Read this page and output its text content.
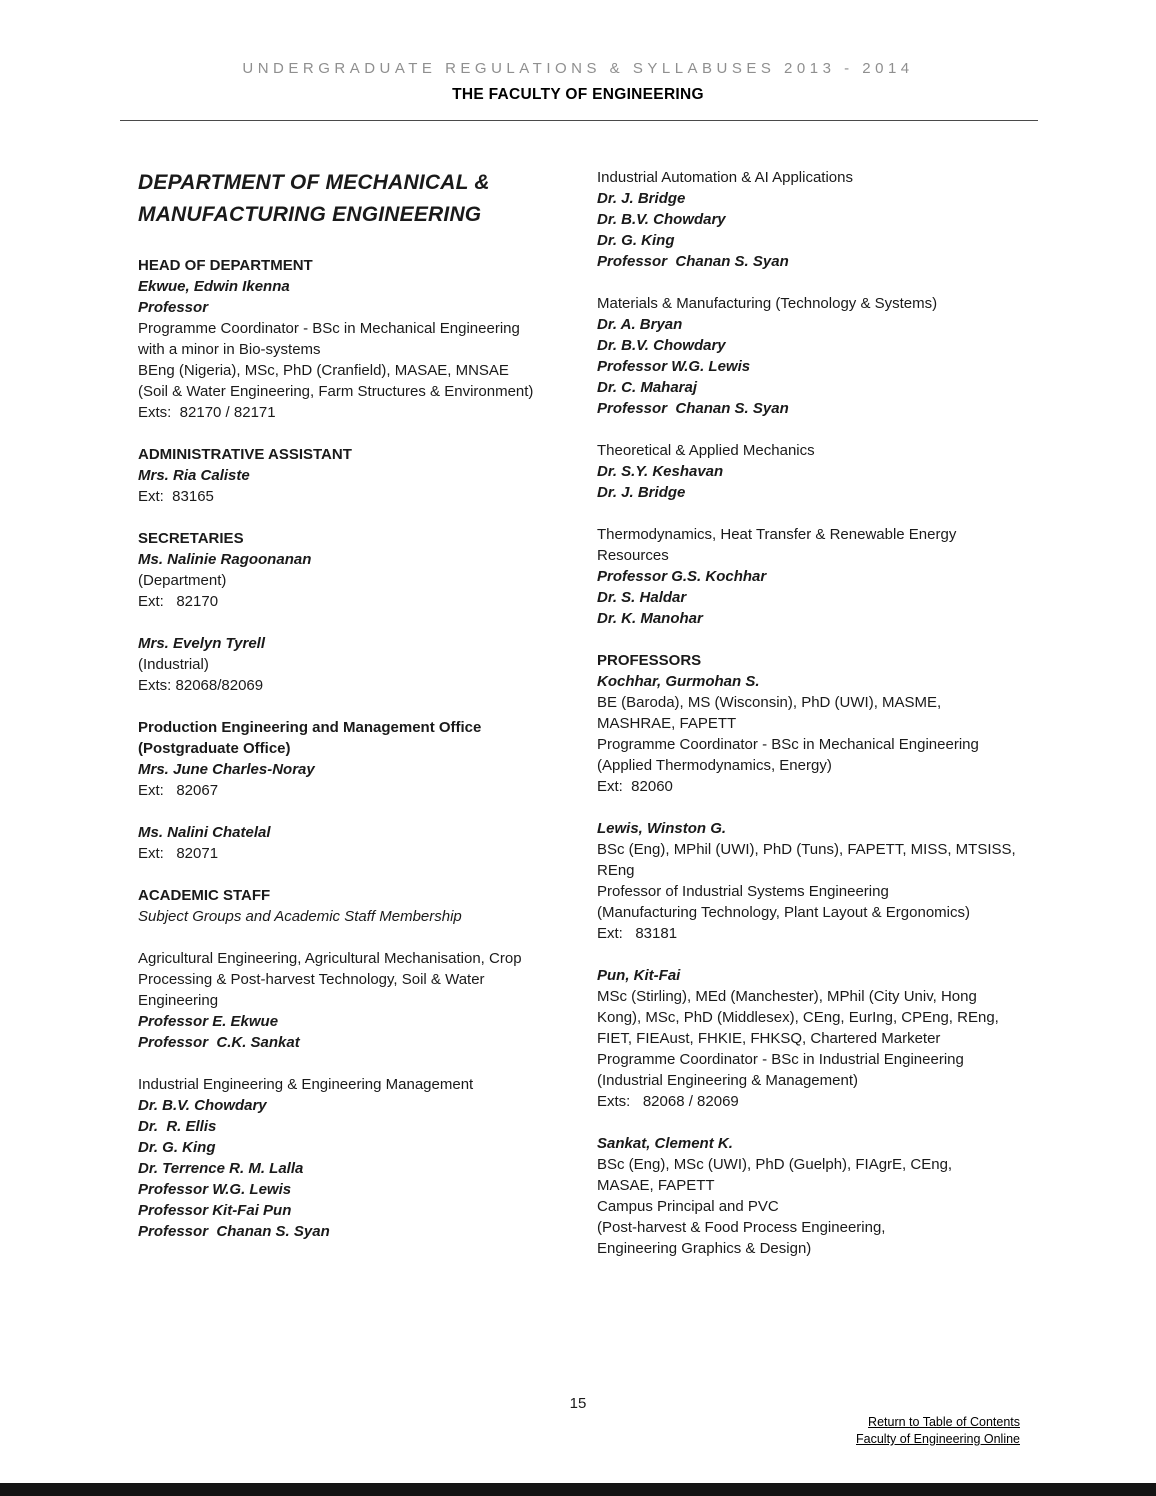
UNDERGRADUATE REGULATIONS & SYLLABUSES 2013 - 2014
THE FACULTY OF ENGINEERING

DEPARTMENT OF MECHANICAL &

MANUFACTURING ENGINEERING

HEAD OF DEPARTMENT

Ekwue, Edwin Ikenna

Professor

Programme Coordinator - BSc in Mechanical Engineering

with a minor in Bio-systems

BEng (Nigeria), MSc, PhD (Cranfield), MASAE, MNSAE

(Soil & Water Engineering, Farm Structures & Environment)

Exts:  82170 / 82171

ADMINISTRATIVE ASSISTANT

Mrs. Ria Caliste

Ext:  83165

SECRETARIES

Ms. Nalinie Ragoonanan

(Department)

Ext:   82170

Mrs. Evelyn Tyrell

(Industrial)

Exts: 82068/82069

Production Engineering and Management Office

(Postgraduate Office)

Mrs. June Charles-Noray

Ext:   82067

Ms. Nalini Chatelal

Ext:   82071

ACADEMIC STAFF

Subject Groups and Academic Staff Membership

Agricultural Engineering, Agricultural Mechanisation, Crop

Processing & Post-harvest Technology, Soil & Water

Engineering

Professor E. Ekwue

Professor  C.K. Sankat

Industrial Engineering & Engineering Management

Dr. B.V. Chowdary

Dr.  R. Ellis

Dr. G. King

Dr. Terrence R. M. Lalla

Professor W.G. Lewis

Professor Kit-Fai Pun

Professor  Chanan S. Syan

Industrial Automation & AI Applications

Dr. J. Bridge

Dr. B.V. Chowdary

Dr. G. King

Professor  Chanan S. Syan

Materials & Manufacturing (Technology & Systems)

Dr. A. Bryan

Dr. B.V. Chowdary

Professor W.G. Lewis

Dr. C. Maharaj

Professor  Chanan S. Syan

Theoretical & Applied Mechanics

Dr. S.Y. Keshavan

Dr. J. Bridge

Thermodynamics, Heat Transfer & Renewable Energy

Resources

Professor G.S. Kochhar

Dr. S. Haldar

Dr. K. Manohar

PROFESSORS

Kochhar, Gurmohan S.

BE (Baroda), MS (Wisconsin), PhD (UWI), MASME,

MASHRAE, FAPETT

Programme Coordinator - BSc in Mechanical Engineering

(Applied Thermodynamics, Energy)

Ext:  82060

Lewis, Winston G.

BSc (Eng), MPhil (UWI), PhD (Tuns), FAPETT, MISS, MTSISS,

REng

Professor of Industrial Systems Engineering

(Manufacturing Technology, Plant Layout & Ergonomics)

Ext:   83181

Pun, Kit-Fai

MSc (Stirling), MEd (Manchester), MPhil (City Univ, Hong

Kong), MSc, PhD (Middlesex), CEng, EurIng, CPEng, REng,

FIET, FIEAust, FHKIE, FHKSQ, Chartered Marketer

Programme Coordinator - BSc in Industrial Engineering

(Industrial Engineering & Management)

Exts:   82068 / 82069

Sankat, Clement K.

BSc (Eng), MSc (UWI), PhD (Guelph), FIAgrE, CEng,

MASAE, FAPETT

Campus Principal and PVC

(Post-harvest & Food Process Engineering,

Engineering Graphics & Design)

15
Return to Table of Contents
Faculty of Engineering Online
